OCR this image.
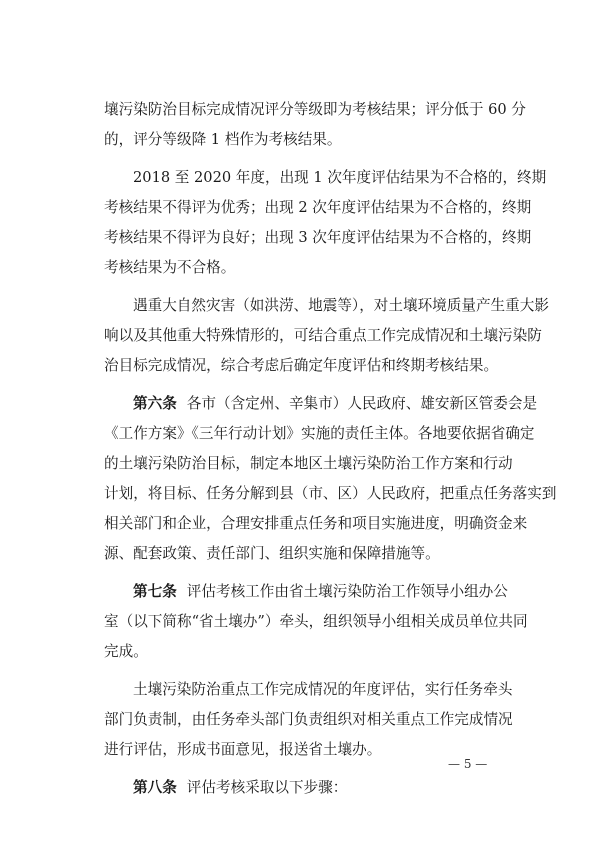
壤污染防治目标完成情况评分等级即为考核结果；评分低于 60 分
的，评分等级降 1 档作为考核结果。
2018 至 2020 年度，出现 1 次年度评估结果为不合格的，终期
考核结果不得评为优秀；出现 2 次年度评估结果为不合格的，终期
考核结果不得评为良好；出现 3 次年度评估结果为不合格的，终期
考核结果为不合格。
遇重大自然灾害（如洪涝、地震等），对土壤环境质量产生重大影
响以及其他重大特殊情形的，可结合重点工作完成情况和土壤污染防
治目标完成情况，综合考虑后确定年度评估和终期考核结果。
第六条 各市（含定州、辛集市）人民政府、雄安新区管委会是
《工作方案》《三年行动计划》实施的责任主体。各地要依据省确定
的土壤污染防治目标，制定本地区土壤污染防治工作方案和行动
计划，将目标、任务分解到县（市、区）人民政府，把重点任务落实到
相关部门和企业，合理安排重点任务和项目实施进度，明确资金来
源、配套政策、责任部门、组织实施和保障措施等。
第七条 评估考核工作由省土壤污染防治工作领导小组办公
室（以下简称“省土壤办”）牵头，组织领导小组相关成员单位共同
完成。
土壤污染防治重点工作完成情况的年度评估，实行任务牵头
部门负责制，由任务牵头部门负责组织对相关重点工作完成情况
进行评估，形成书面意见，报送省土壤办。
第八条 评估考核采取以下步骤：
— 5 —
